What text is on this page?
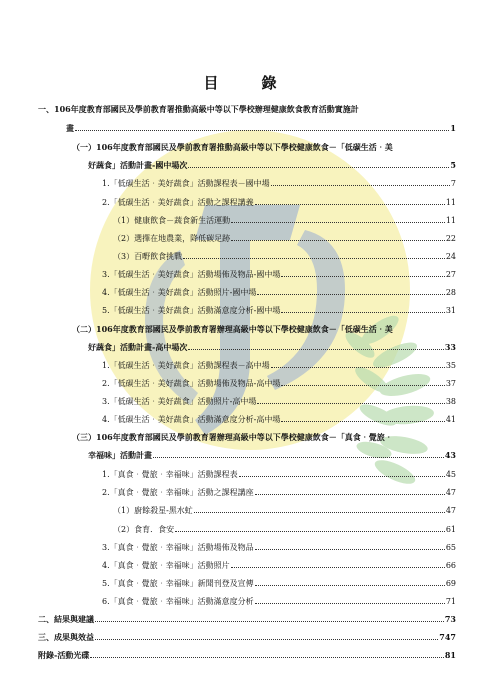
目　錄
一、106年度教育部國民及學前教育署推動高級中等以下學校辦理健康飲食教育活動實施計
畫	1
（一）106年度教育部國民及學前教育署推動高級中等以下學校健康飲食－「低碳生活‧美
好蔬食」活動計畫-國中場次	5
1.「低碳生活‧美好蔬食」活動課程表－國中場	7
2.「低碳生活‧美好蔬食」活動之課程講義	11
（1）健康飲食－蔬食新生活運動	11
（2）選擇在地農業，降低碳足跡	22
（3）百嘢飲食挑戰	24
3.「低碳生活‧美好蔬食」活動場佈及物品-國中場	27
4.「低碳生活‧美好蔬食」活動照片-國中場	28
5.「低碳生活‧美好蔬食」活動滿意度分析-國中場	31
（二）106年度教育部國民及學前教育署辦理高級中等以下學校健康飲食－「低碳生活‧美
好蔬食」活動計畫-高中場次	33
1.「低碳生活‧美好蔬食」活動課程表－高中場	35
2.「低碳生活‧美好蔬食」活動場佈及物品-高中場	37
3.「低碳生活‧美好蔬食」活動照片-高中場	38
4.「低碳生活‧美好蔬食」活動滿意度分析-高中場	41
（三）106年度教育部國民及學前教育署辦理高級中等以下學校健康飲食－「真食‧覺旅‧
幸福味」活動計畫	43
1.「真食‧覺旅‧幸福味」活動課程表	45
2.「真食‧覺旅‧幸福味」活動之課程講座	47
（1）廚餘殺星-黑水虻	47
（2）食育．食安	61
3.「真食‧覺旅‧幸福味」活動場佈及物品	65
4.「真食‧覺旅‧幸福味」活動照片	66
5.「真食‧覺旅‧幸福味」新聞刊登及宣傳	69
6.「真食‧覺旅‧幸福味」活動滿意度分析	71
二、結果與建議	73
三、成果與效益	747
附錄-活動光碟	81
